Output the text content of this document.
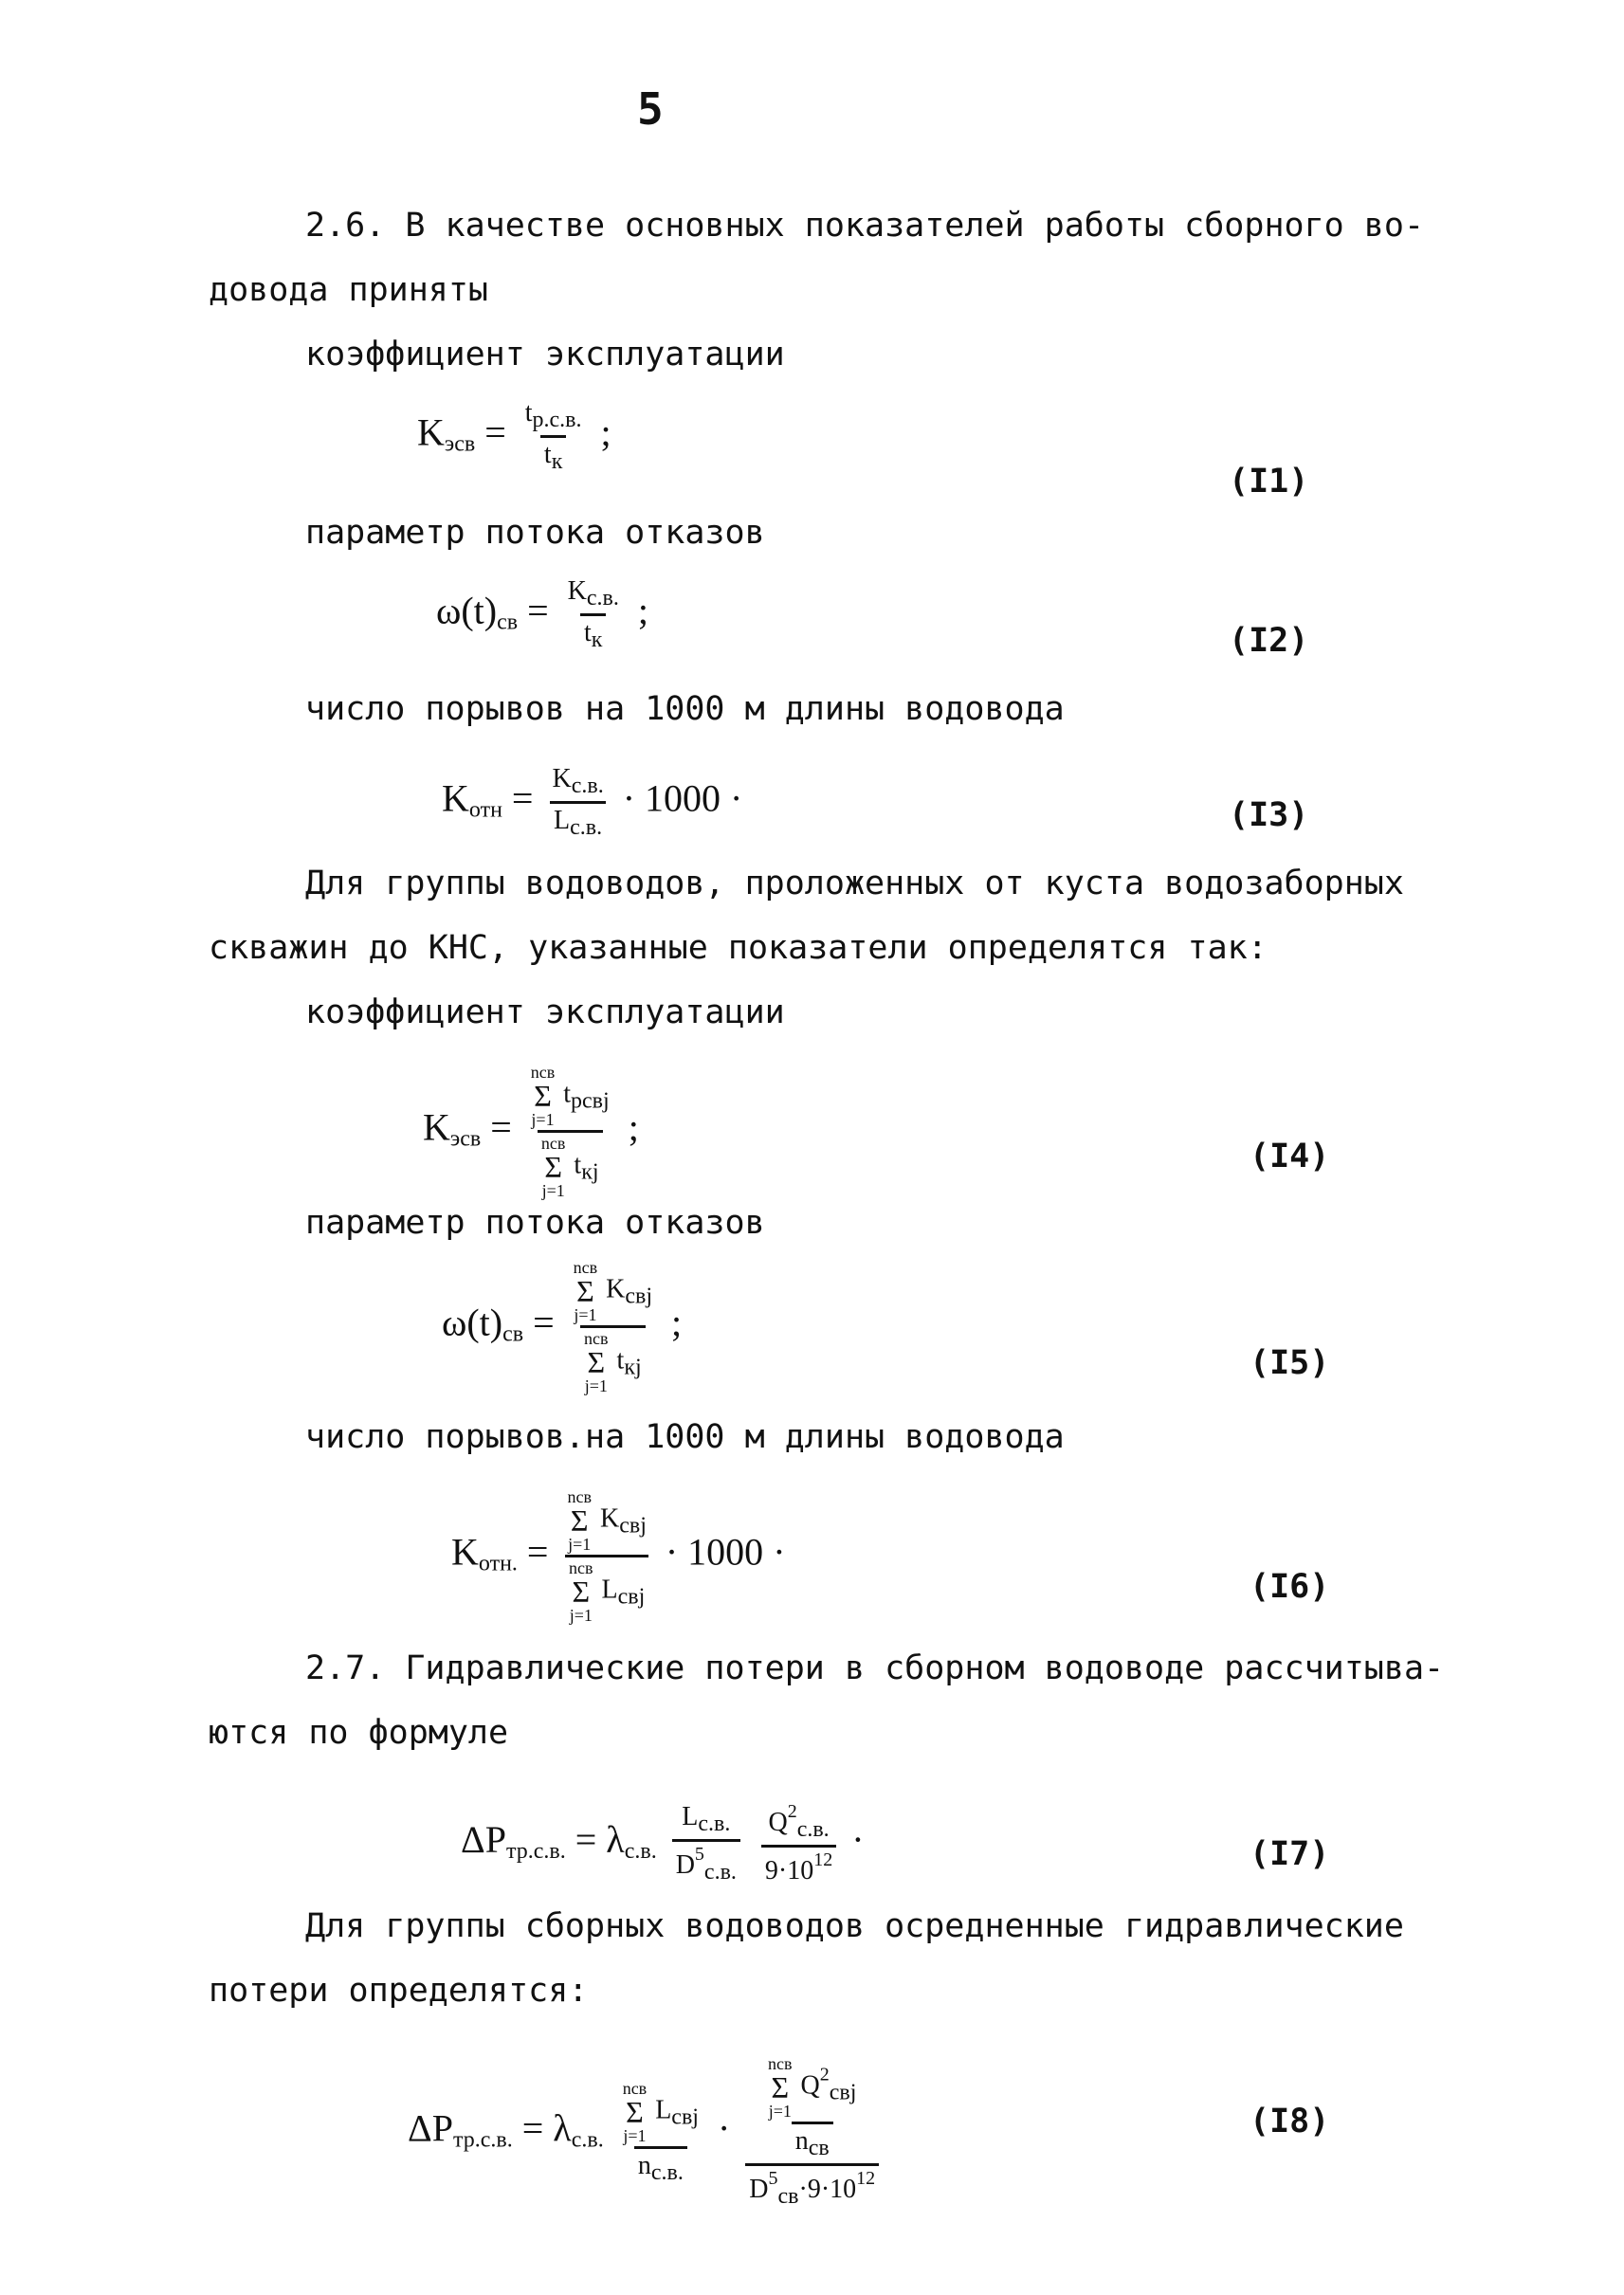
5
2.6. В качестве основных показателей работы сборного во-
довода приняты
коэффициент эксплуатации
$K_{эсв} = \frac{tр.с.в.}{tк}$ ;
(I1)
параметр потока отказов
$\omega(t)_{св} = \frac{Kс.в.}{tк}$ ;
(I2)
число порывов на 1000 м длины водовода
$K_{отн} = \frac{Kс.в.}{Lс.в.} \cdot 1000$ ·	(I3)
Для группы водоводов, проложенных от куста водозаборных
скважин до КНС, указанные показатели определятся так:
коэффициент эксплуатации
$K_{эсв}$ = nсв
Σ
j=1
tрсвj
nсв
Σ
j=1
tкj ;
(I4)
параметр потока отказов
$\omega(t)_{св}$ = nсв
Σ
j=1
Kсвj
nсв
Σ
j=1
tкj ;
(I5)
число порывов.на 1000 м длины водовода
$K_{отн.}$ = nсв
Σ
j=1
Kсвj
nсв
Σ
j=1
Lсвj · 1000 ·
(I6)
2.7. Гидравлические потери в сборном водоводе рассчитыва-
ются по формуле
$\Delta P_{тр.с.в.} = \lambda_{с.в.} \frac{Lс.в.}{D^5с.в.}$
$\frac{Q^2с.в.}{9\cdot 10^{12}}$ ·	(I7)
Для группы сборных водоводов осредненные гидравлические
потери определятся:
$\Delta P_{тр.с.в.} = \lambda_{с.в.}$ nсв
Σ
j=1
Lсвj
nс.в. · nсв
Σ
j=1
$Q^2свj$
nсв
$D^5св\cdot 9\cdot 10^{12}$	(I8)
